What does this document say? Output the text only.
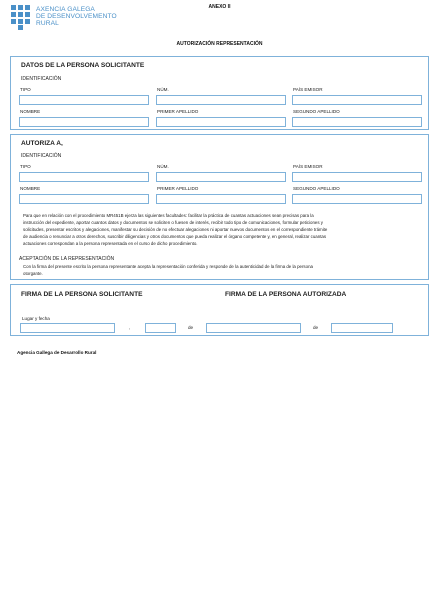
AXENCIA GALEGA
DE DESENVOLVEMENTO
RURAL
ANEXO II
AUTORIZACIÓN REPRESENTACIÓN
DATOS DE LA PERSONA SOLICITANTE
IDENTIFICACIÓN
TIPO	NÚM.	PAÍS EMISOR
NOMBRE	PRIMER APELLIDO	SEGUNDO APELLIDO
AUTORIZA A,
IDENTIFICACIÓN
TIPO	NÚM.	PAÍS EMISOR
NOMBRE	PRIMER APELLIDO	SEGUNDO APELLIDO
Para que en relación con el procedimiento MR451B ejerza las siguientes facultades: facilitar la práctica de cuantas actuaciones sean precisas para la
instrucción del expediente, aportar cuantos datos y documentos se soliciten o fuesen de interés, recibir todo tipo de comunicaciones, formular peticiones y
solicitudes, presentar escritos y alegaciones, manifestar su decisión de no efectuar alegaciones ni aportar nuevos documentos en el correspondiente trámite
de audiencia o renunciar a otros derechos, suscribir diligencias y otros documentos que pueda realizar el órgano competente y, en general, realizar cuantas
actuaciones correspondan a la persona representada en el curso de dicho procedimiento.
ACEPTACIÓN DE LA REPRESENTACIÓN
Con la firma del presente escrito la persona representante acepta la representación conferida y responde de la autenticidad de la firma de la persona
otorgante.
FIRMA DE LA PERSONA SOLICITANTE	FIRMA DE LA PERSONA AUTORIZADA
Lugar y fecha
,	de	de
Agencia Gallega de Desarrollo Rural
